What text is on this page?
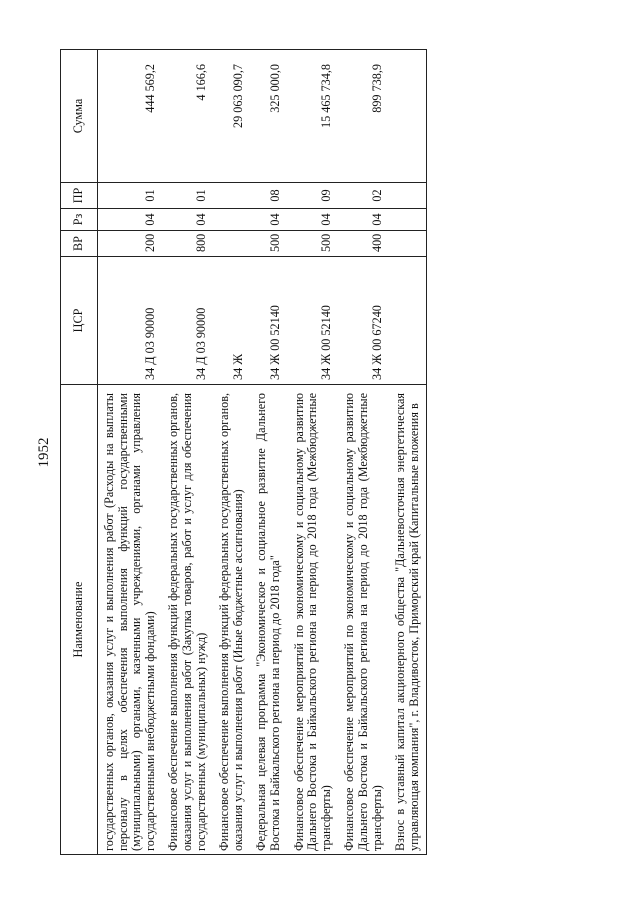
1952
Наименование	ЦСР	ВР	Рз	ПР	Сумма
государственных органов, оказания услуг и выполнения работ (Расходы на выплаты персоналу в целях обеспечения выполнения функций государственными (муниципальными) органами, казенными учреждениями, органами управления государственными внебюджетными фондами)	34 Д 03 90000	200	04	01	444 569,2
Финансовое обеспечение выполнения функций федеральных государственных органов, оказания услуг и выполнения работ (Закупка товаров, работ и услуг для обеспечения государственных (муниципальных) нужд)	34 Д 03 90000	800	04	01	4 166,6
Финансовое обеспечение выполнения функций федеральных государственных органов, оказания услуг и выполнения работ (Иные бюджетные ассигнования)	34 Ж				29 063 090,7
Федеральная целевая программа "Экономическое и социальное развитие Дальнего Востока и Байкальского региона на период до 2018 года"	34 Ж 00 52140	500	04	08	325 000,0
Финансовое обеспечение мероприятий по экономическому и социальному развитию Дальнего Востока и Байкальского региона на период до 2018 года (Межбюджетные трансферты)	34 Ж 00 52140	500	04	09	15 465 734,8
Финансовое обеспечение мероприятий по экономическому и социальному развитию Дальнего Востока и Байкальского региона на период до 2018 года (Межбюджетные трансферты)	34 Ж 00 67240	400	04	02	899 738,9
Взнос в уставный капитал акционерного общества "Дальневосточная энергетическая управляющая компания", г. Владивосток, Приморский край (Капитальные вложения в					
